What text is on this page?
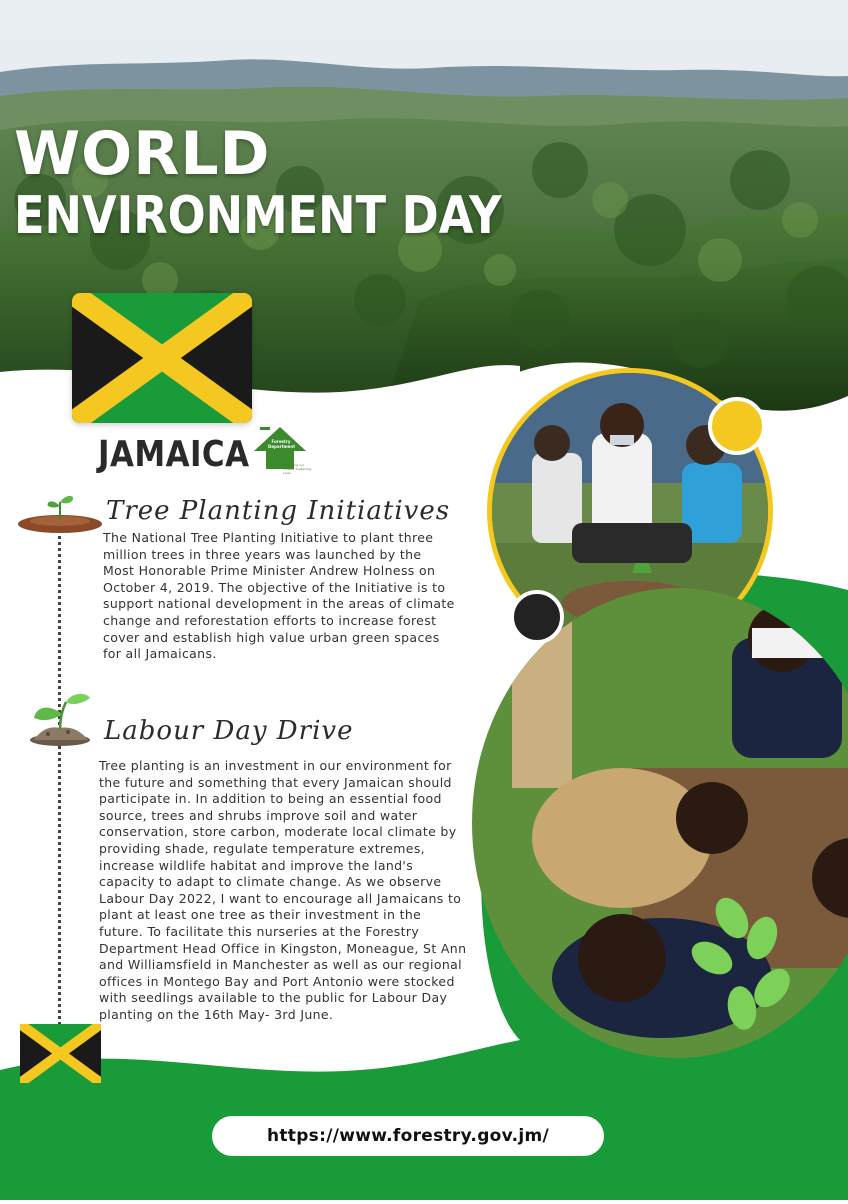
WORLD
ENVIRONMENT DAY
JAMAICA	Forestry Department
Protecting our Forests, Sustaining Lives
Tree Planting Initiatives
The National Tree Planting Initiative to plant three million trees in three years was launched by the Most Honorable Prime Minister Andrew Holness on October 4, 2019. The objective of the Initiative is to support national development in the areas of climate change and reforestation efforts to increase forest cover and establish high value urban green spaces for all Jamaicans.
Labour Day Drive
Tree planting is an investment in our environment for the future and something that every Jamaican should participate in. In addition to being an essential food source, trees and shrubs improve soil and water conservation, store carbon, moderate local climate by providing shade, regulate temperature extremes, increase wildlife habitat and improve the land's capacity to adapt to climate change. As we observe Labour Day 2022, I want to encourage all Jamaicans to plant at least one tree as their investment in the future. To facilitate this nurseries at the Forestry Department Head Office in Kingston, Moneague, St Ann and Williamsfield in Manchester as well as our regional offices in Montego Bay and Port Antonio were stocked with seedlings available to the public for Labour Day planting on the 16th May- 3rd June.
https://www.forestry.gov.jm/
